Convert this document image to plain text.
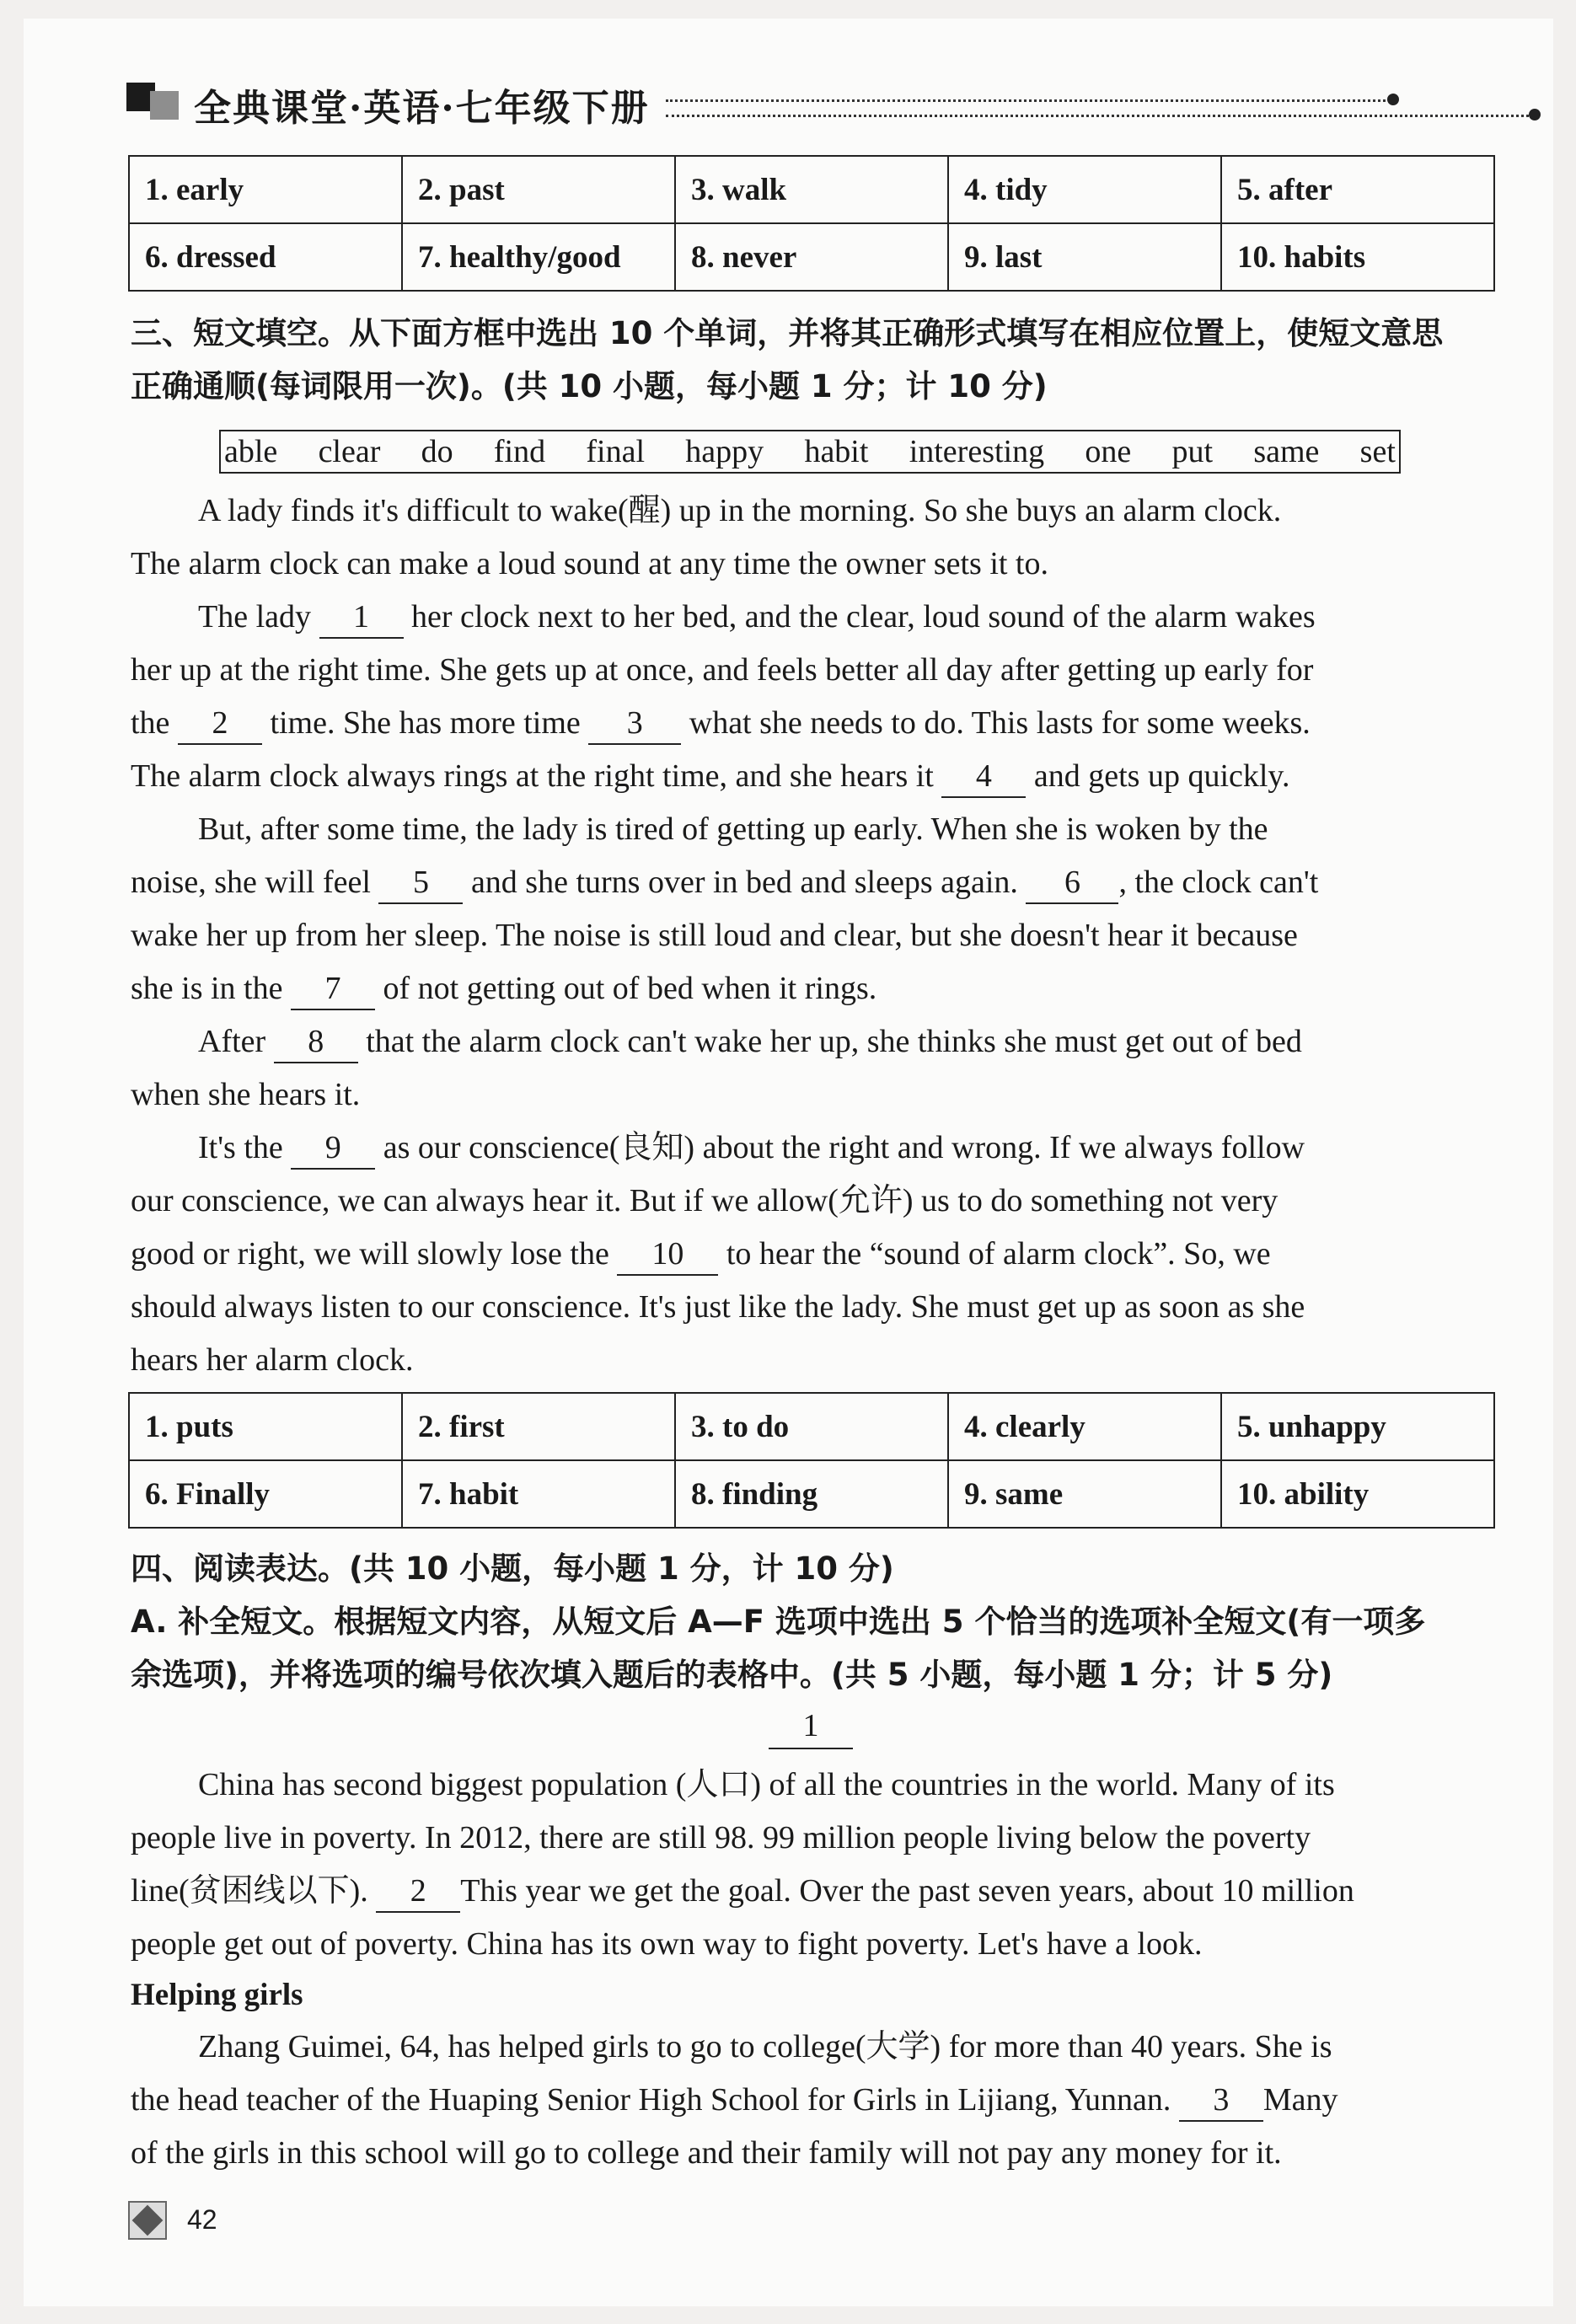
全典课堂·英语·七年级下册
1. early	2. past	3. walk	4. tidy	5. after
6. dressed	7. healthy/good	8. never	9. last	10. habits
三、短文填空。从下面方框中选出 10 个单词，并将其正确形式填写在相应位置上，使短文意思
正确通顺(每词限用一次)。(共 10 小题，每小题 1 分；计 10 分)
able clear do find final happy habit interesting one put same set
A lady finds it's difficult to wake(醒) up in the morning. So she buys an alarm clock.
The alarm clock can make a loud sound at any time the owner sets it to.
The lady 1 her clock next to her bed, and the clear, loud sound of the alarm wakes
her up at the right time. She gets up at once, and feels better all day after getting up early for
the 2 time. She has more time 3 what she needs to do. This lasts for some weeks.
The alarm clock always rings at the right time, and she hears it 4 and gets up quickly.
But, after some time, the lady is tired of getting up early. When she is woken by the
noise, she will feel 5 and she turns over in bed and sleeps again. 6 , the clock can't
wake her up from her sleep. The noise is still loud and clear, but she doesn't hear it because
she is in the 7 of not getting out of bed when it rings.
After 8 that the alarm clock can't wake her up, she thinks she must get out of bed
when she hears it.
It's the 9 as our conscience(良知) about the right and wrong. If we always follow
our conscience, we can always hear it. But if we allow(允许) us to do something not very
good or right, we will slowly lose the 10 to hear the “sound of alarm clock”. So, we
should always listen to our conscience. It's just like the lady. She must get up as soon as she
hears her alarm clock.
1. puts	2. first	3. to do	4. clearly	5. unhappy
6. Finally	7. habit	8. finding	9. same	10. ability
四、阅读表达。(共 10 小题，每小题 1 分，计 10 分)
A. 补全短文。根据短文内容，从短文后 A—F 选项中选出 5 个恰当的选项补全短文(有一项多
余选项)，并将选项的编号依次填入题后的表格中。(共 5 小题，每小题 1 分；计 5 分)
1
China has second biggest population (人口) of all the countries in the world. Many of its
people live in poverty. In 2012, there are still 98. 99 million people living below the poverty
line(贫困线以下). 2 This year we get the goal. Over the past seven years, about 10 million
people get out of poverty. China has its own way to fight poverty. Let's have a look.
Helping girls
Zhang Guimei, 64, has helped girls to go to college(大学) for more than 40 years. She is
the head teacher of the Huaping Senior High School for Girls in Lijiang, Yunnan. 3 Many
of the girls in this school will go to college and their family will not pay any money for it.
42
